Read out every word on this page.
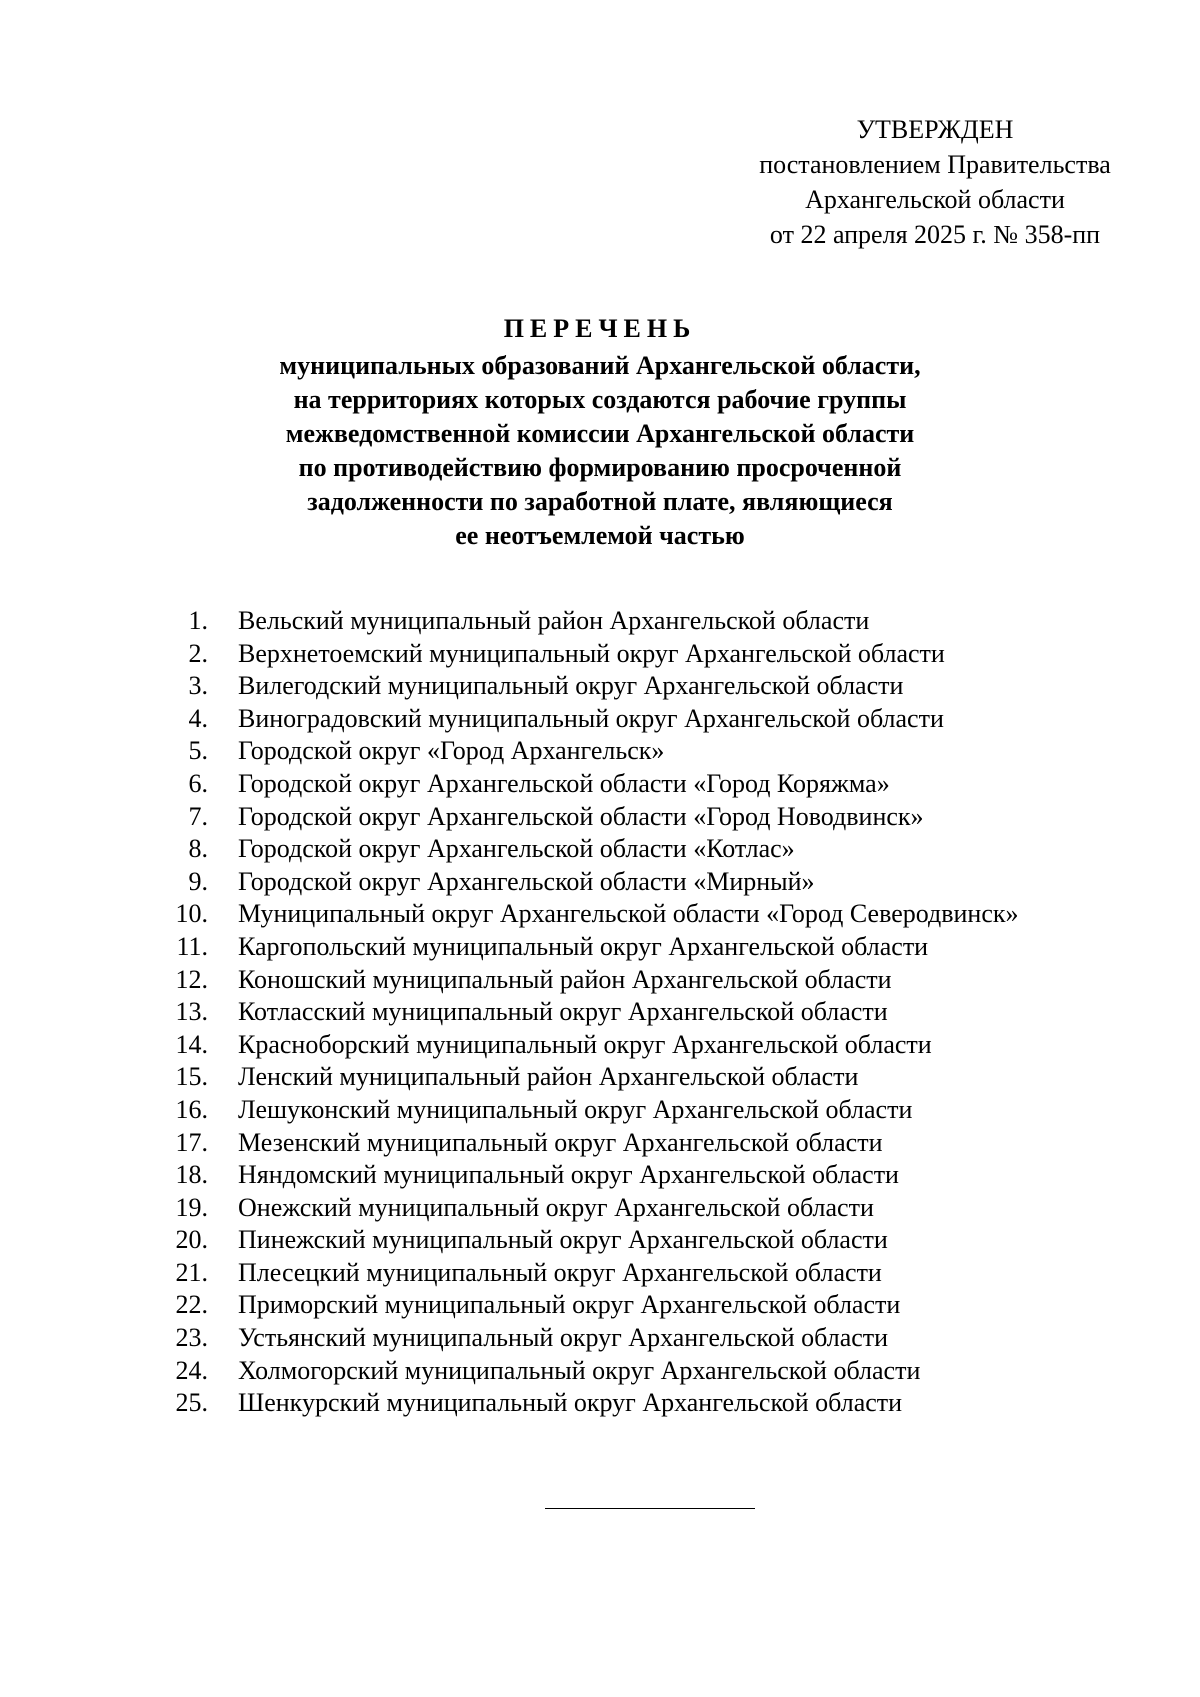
УТВЕРЖДЕН
постановлением Правительства
Архангельской области
от 22 апреля 2025 г. № 358-пп
ПЕРЕЧЕНЬ
муниципальных образований Архангельской области,
на территориях которых создаются рабочие группы
межведомственной комиссии Архангельской области
по противодействию формированию просроченной
задолженности по заработной плате, являющиеся
ее неотъемлемой частью
1. Вельский муниципальный район Архангельской области
2. Верхнетоемский муниципальный округ Архангельской области
3. Вилегодский муниципальный округ Архангельской области
4. Виноградовский муниципальный округ Архангельской области
5. Городской округ «Город Архангельск»
6. Городской округ Архангельской области «Город Коряжма»
7. Городской округ Архангельской области «Город Новодвинск»
8. Городской округ Архангельской области «Котлас»
9. Городской округ Архангельской области «Мирный»
10. Муниципальный округ Архангельской области «Город Северодвинск»
11. Каргопольский муниципальный округ Архангельской области
12. Коношский муниципальный район Архангельской области
13. Котласский муниципальный округ Архангельской области
14. Красноборский муниципальный округ Архангельской области
15. Ленский муниципальный район Архангельской области
16. Лешуконский муниципальный округ Архангельской области
17. Мезенский муниципальный округ Архангельской области
18. Няндомский муниципальный округ Архангельской области
19. Онежский муниципальный округ Архангельской области
20. Пинежский муниципальный округ Архангельской области
21. Плесецкий муниципальный округ Архангельской области
22. Приморский муниципальный округ Архангельской области
23. Устьянский муниципальный округ Архангельской области
24. Холмогорский муниципальный округ Архангельской области
25. Шенкурский муниципальный округ Архангельской области
